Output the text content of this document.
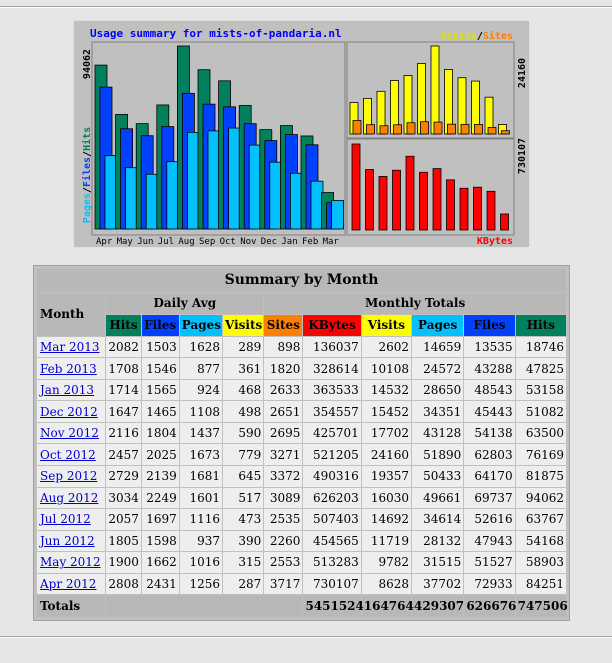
Usage summary for mists-of-pandaria.nl
Apr May Jun Jul Aug Sep Oct Nov Dec Jan Feb Mar
94062
Pages/Files/Hits
24160
730107
Visits/Sites
KBytes
Summary by Month										
Month	Daily Avg				Monthly Totals					
	Hits	Files	Pages	Visits	Sites	KBytes	Visits	Pages	Files	Hits
Mar 2013	2082	1503	1628	289	898	136037	2602	14659	13535	18746
Feb 2013	1708	1546	877	361	1820	328614	10108	24572	43288	47825
Jan 2013	1714	1565	924	468	2633	363533	14532	28650	48543	53158
Dec 2012	1647	1465	1108	498	2651	354557	15452	34351	45443	51082
Nov 2012	2116	1804	1437	590	2695	425701	17702	43128	54138	63500
Oct 2012	2457	2025	1673	779	3271	521205	24160	51890	62803	76169
Sep 2012	2729	2139	1681	645	3372	490316	19357	50433	64170	81875
Aug 2012	3034	2249	1601	517	3089	626203	16030	49661	69737	94062
Jul 2012	2057	1697	1116	473	2535	507403	14692	34614	52616	63767
Jun 2012	1805	1598	937	390	2260	454565	11719	28132	47943	54168
May 2012	1900	1662	1016	315	2553	513283	9782	31515	51527	58903
Apr 2012	2808	2431	1256	287	3717	730107	8628	37702	72933	84251
Totals						5451524	164764	429307	626676	747506
